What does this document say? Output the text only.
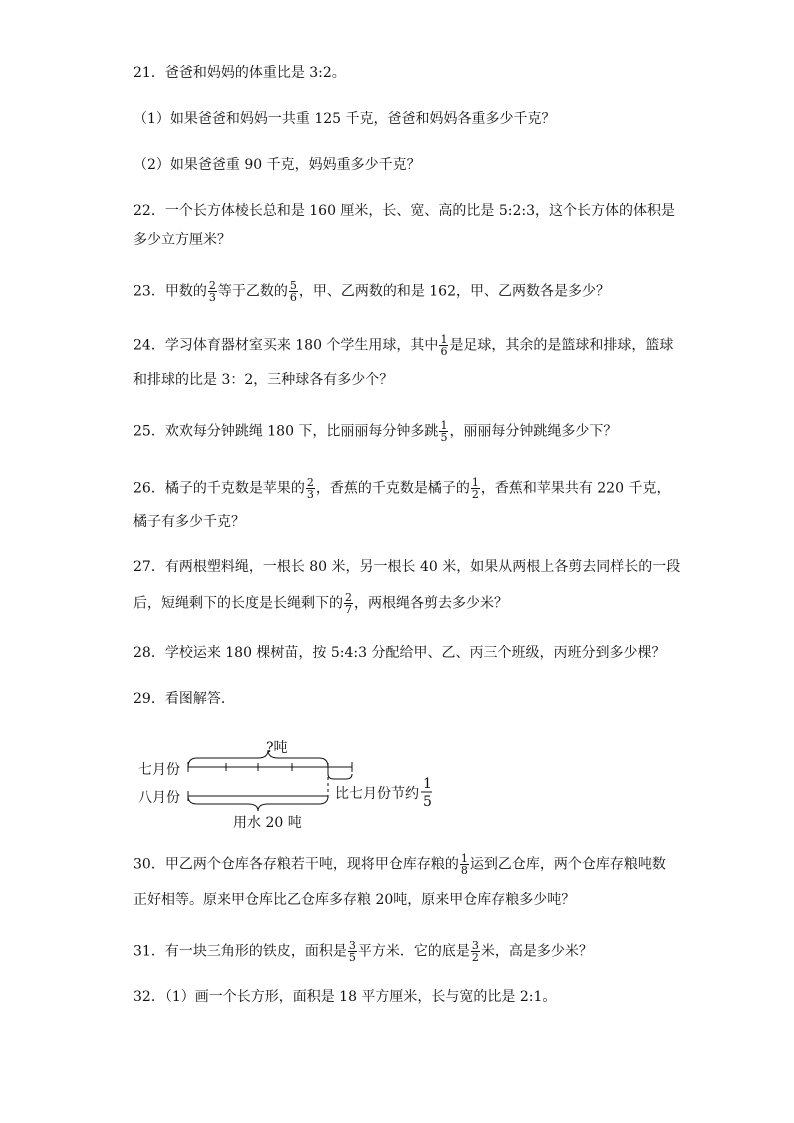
21．爸爸和妈妈的体重比是 3:2。
（1）如果爸爸和妈妈一共重 125 千克，爸爸和妈妈各重多少千克？
（2）如果爸爸重 90 千克，妈妈重多少千克？
22．一个长方体棱长总和是 160 厘米，长、宽、高的比是 5:2:3，这个长方体的体积是
多少立方厘米？
23．甲数的 $\frac{2}{3}$ 等于乙数的 $\frac{5}{6}$ ，甲、乙两数的和是 162，甲、乙两数各是多少？
24．学习体育器材室买来 180 个学生用球，其中 $\frac{1}{6}$ 是足球，其余的是篮球和排球，篮球
和排球的比是 3：2，三种球各有多少个？
25．欢欢每分钟跳绳 180 下，比丽丽每分钟多跳 $\frac{1}{5}$ ，丽丽每分钟跳绳多少下？
26．橘子的千克数是苹果的 $\frac{2}{3}$ ，香蕉的千克数是橘子的 $\frac{1}{2}$ ，香蕉和苹果共有 220 千克，
橘子有多少千克？
27．有两根塑料绳，一根长 80 米，另一根长 40 米，如果从两根上各剪去同样长的一段
后，短绳剩下的长度是长绳剩下的 $\frac{2}{7}$ ，两根绳各剪去多少米？
28．学校运来 180 棵树苗，按 5:4:3 分配给甲、乙、丙三个班级，丙班分到多少棵？
29．看图解答．
?吨
七月份
比七月份节约
1
5
八月份
用水 20 吨
30．甲乙两个仓库各存粮若干吨，现将甲仓库存粮的 $\frac{1}{8}$ 运到乙仓库，两个仓库存粮吨数
正好相等。原来甲仓库比乙仓库多存粮 20吨，原来甲仓库存粮多少吨？
31．有一块三角形的铁皮，面积是 $\frac{3}{5}$ 平方米．它的底是 $\frac{3}{2}$ 米，高是多少米？
32．（1）画一个长方形，面积是 18 平方厘米，长与宽的比是 2:1。
